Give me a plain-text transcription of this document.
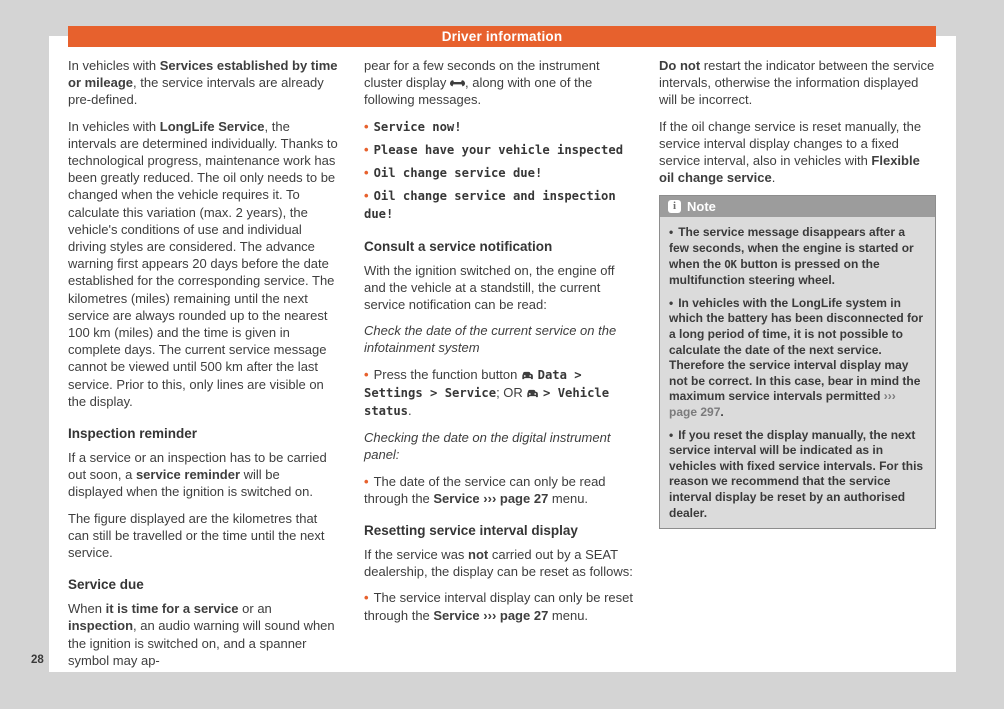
Driver information
In vehicles with Services established by time or mileage, the service intervals are already pre-defined.
In vehicles with LongLife Service, the intervals are determined individually. Thanks to technological progress, maintenance work has been greatly reduced. The oil only needs to be changed when the vehicle requires it. To calculate this variation (max. 2 years), the vehicle's conditions of use and individual driving styles are considered. The advance warning first appears 20 days before the date established for the corresponding service. The kilometres (miles) remaining until the next service are always rounded up to the nearest 100 km (miles) and the time is given in complete days. The current service message cannot be viewed until 500 km after the last service. Prior to this, only lines are visible on the display.
Inspection reminder
If a service or an inspection has to be carried out soon, a service reminder will be displayed when the ignition is switched on.
The figure displayed are the kilometres that can still be travelled or the time until the next service.
Service due
When it is time for a service or an inspection, an audio warning will sound when the ignition is switched on, and a spanner symbol may ap-
pear for a few seconds on the instrument cluster display
, along with one of the following messages.
• Service now!
• Please have your vehicle inspected
• Oil change service due!
• Oil change service and inspection due!
Consult a service notification
With the ignition switched on, the engine off and the vehicle at a standstill, the current service notification can be read:
Check the date of the current service on the infotainment system
• Press the function button
Data > Settings > Service; OR
> Vehicle status.
Checking the date on the digital instrument panel:
• The date of the service can only be read through the Service ››› page 27 menu.
Resetting service interval display
If the service was not carried out by a SEAT dealership, the display can be reset as follows:
• The service interval display can only be reset through the Service ››› page 27 menu.
Do not restart the indicator between the service intervals, otherwise the information displayed will be incorrect.
If the oil change service is reset manually, the service interval display changes to a fixed service interval, also in vehicles with Flexible oil change service.
i Note
• The service message disappears after a few seconds, when the engine is started or when the OK button is pressed on the multifunction steering wheel.
• In vehicles with the LongLife system in which the battery has been disconnected for a long period of time, it is not possible to calculate the date of the next service. Therefore the service interval display may not be correct. In this case, bear in mind the maximum service intervals permitted ››› page 297.
• If you reset the display manually, the next service interval will be indicated as in vehicles with fixed service intervals. For this reason we recommend that the service interval display be reset by an authorised dealer.
28
